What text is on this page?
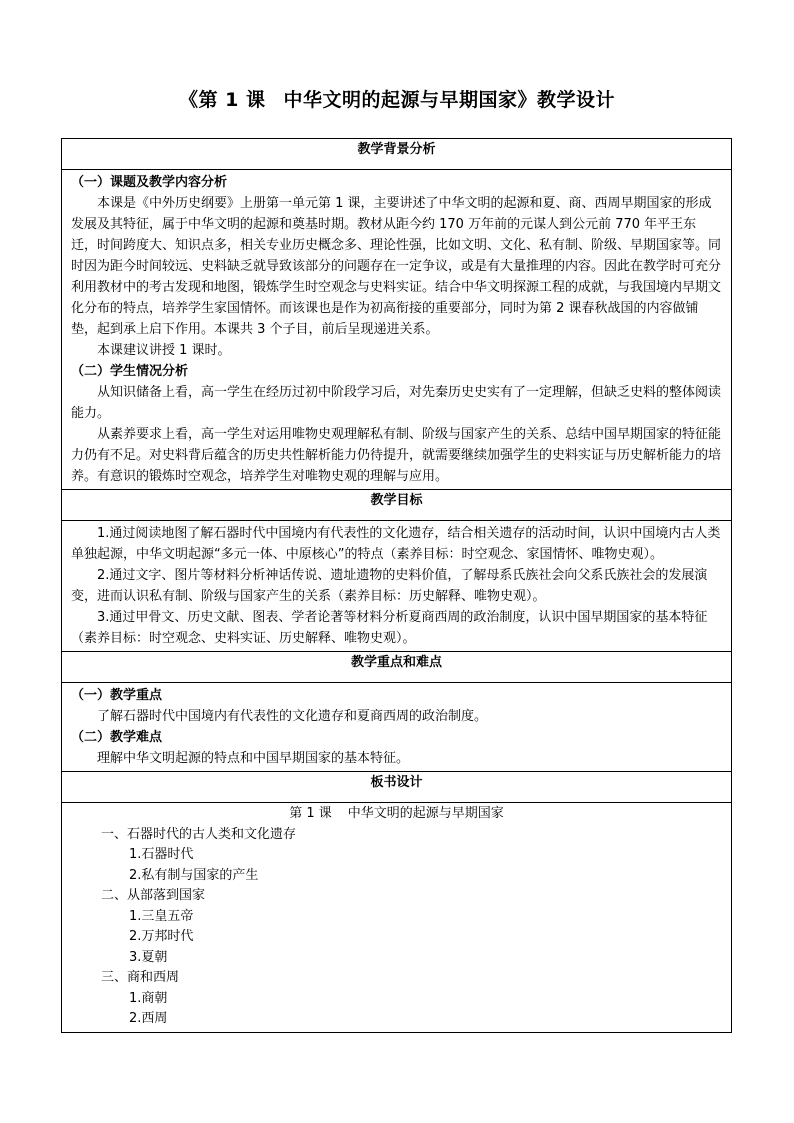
《第 1 课 中华文明的起源与早期国家》教学设计
教学背景分析

（一）课题及教学内容分析

本课是《中外历史纲要》上册第一单元第 1 课，主要讲述了中华文明的起源和夏、商、西周早期国家的形成发展及其特征，属于中华文明的起源和奠基时期。教材从距今约 170 万年前的元谋人到公元前 770 年平王东迁，时间跨度大、知识点多，相关专业历史概念多、理论性强，比如文明、文化、私有制、阶级、早期国家等。同时因为距今时间较远、史料缺乏就导致该部分的问题存在一定争议，或是有大量推理的内容。因此在教学时可充分利用教材中的考古发现和地图，锻炼学生时空观念与史料实证。结合中华文明探源工程的成就，与我国境内早期文化分布的特点，培养学生家国情怀。而该课也是作为初高衔接的重要部分，同时为第 2 课春秋战国的内容做铺垫，起到承上启下作用。本课共 3 个子目，前后呈现递进关系。

本课建议讲授 1 课时。

（二）学生情况分析

从知识储备上看，高一学生在经历过初中阶段学习后，对先秦历史史实有了一定理解，但缺乏史料的整体阅读能力。

从素养要求上看，高一学生对运用唯物史观理解私有制、阶级与国家产生的关系、总结中国早期国家的特征能力仍有不足。对史料背后蕴含的历史共性解析能力仍待提升，就需要继续加强学生的史料实证与历史解析能力的培养。有意识的锻炼时空观念，培养学生对唯物史观的理解与应用。

教学目标

1.通过阅读地图了解石器时代中国境内有代表性的文化遗存，结合相关遗存的活动时间，认识中国境内古人类单独起源，中华文明起源“多元一体、中原核心”的特点（素养目标：时空观念、家国情怀、唯物史观）。

2.通过文字、图片等材料分析神话传说、遗址遗物的史料价值，了解母系氏族社会向父系氏族社会的发展演变，进而认识私有制、阶级与国家产生的关系（素养目标：历史解释、唯物史观）。

3.通过甲骨文、历史文献、图表、学者论著等材料分析夏商西周的政治制度，认识中国早期国家的基本特征（素养目标：时空观念、史料实证、历史解释、唯物史观）。

教学重点和难点

（一）教学重点

了解石器时代中国境内有代表性的文化遗存和夏商西周的政治制度。

（二）教学难点

理解中华文明起源的特点和中国早期国家的基本特征。

板书设计

第 1 课 中华文明的起源与早期国家
一、石器时代的古人类和文化遗存
1.石器时代
2.私有制与国家的产生
二、从部落到国家
1.三皇五帝
2.万邦时代
3.夏朝
三、商和西周
1.商朝
2.西周
